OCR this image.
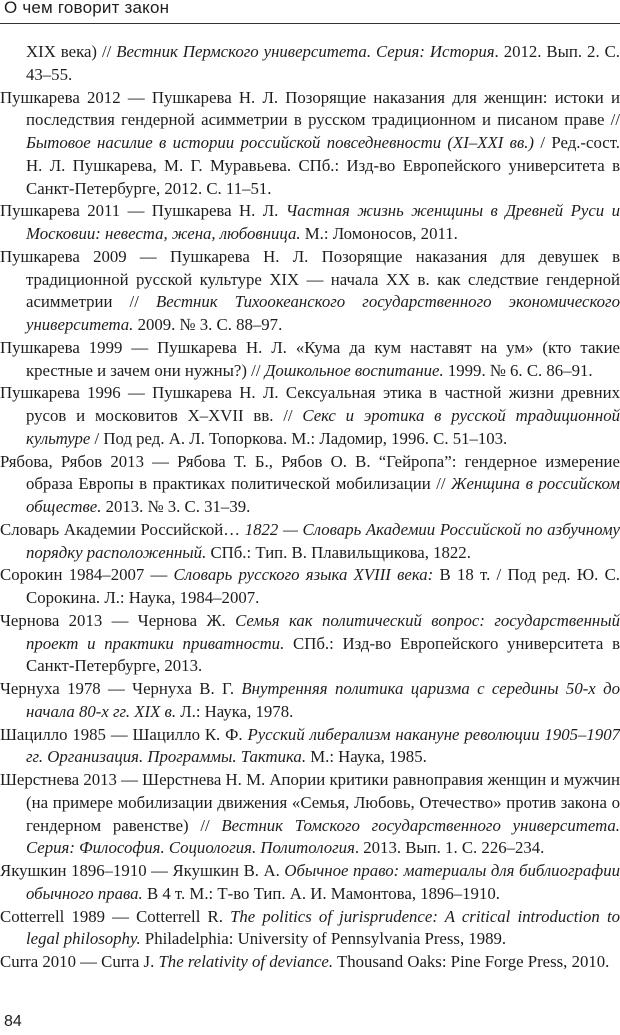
О чем говорит закон

XIX века) // Вестник Пермского университета. Серия: История. 2012. Вып. 2. С. 43–55.

Пушкарева 2012 — Пушкарева Н. Л. Позорящие наказания для женщин: истоки и последствия гендерной асимметрии в русском традиционном и писаном праве // Бытовое насилие в истории российской повседневности (XI–XXI вв.) / Ред.-сост. Н. Л. Пушкарева, М. Г. Муравьева. СПб.: Изд-во Европейского университета в Санкт-Петербурге, 2012. С. 11–51.

Пушкарева 2011 — Пушкарева Н. Л. Частная жизнь женщины в Древней Руси и Московии: невеста, жена, любовница. М.: Ломоносов, 2011.

Пушкарева 2009 — Пушкарева Н. Л. Позорящие наказания для девушек в традиционной русской культуре XIX — начала XX в. как следствие гендерной асимметрии // Вестник Тихоокеанского государственного экономического университета. 2009. № 3. С. 88–97.

Пушкарева 1999 — Пушкарева Н. Л. «Кума да кум наставят на ум» (кто такие крестные и зачем они нужны?) // Дошкольное воспитание. 1999. № 6. С. 86–91.

Пушкарева 1996 — Пушкарева Н. Л. Сексуальная этика в частной жизни древних русов и московитов X–XVII вв. // Секс и эротика в русской традиционной культуре / Под ред. А. Л. Топоркова. М.: Ладомир, 1996. С. 51–103.

Рябова, Рябов 2013 — Рябова Т. Б., Рябов О. В. “Гейропа”: гендерное измерение образа Европы в практиках политической мобилизации // Женщина в российском обществе. 2013. № 3. С. 31–39.

Словарь Академии Российской… 1822 — Словарь Академии Российской по азбучному порядку расположенный. СПб.: Тип. В. Плавильщикова, 1822.

Сорокин 1984–2007 — Словарь русского языка XVIII века: В 18 т. / Под ред. Ю. С. Сорокина. Л.: Наука, 1984–2007.

Чернова 2013 — Чернова Ж. Семья как политический вопрос: государственный проект и практики приватности. СПб.: Изд-во Европейского университета в Санкт-Петербурге, 2013.

Чернуха 1978 — Чернуха В. Г. Внутренняя политика царизма с середины 50-х до начала 80-х гг. XIX в. Л.: Наука, 1978.

Шацилло 1985 — Шацилло К. Ф. Русский либерализм накануне революции 1905–1907 гг. Организация. Программы. Тактика. М.: Наука, 1985.

Шерстнева 2013 — Шерстнева Н. М. Апории критики равноправия женщин и мужчин (на примере мобилизации движения «Семья, Любовь, Отечество» против закона о гендерном равенстве) // Вестник Томского государственного университета. Серия: Философия. Социология. Политология. 2013. Вып. 1. С. 226–234.

Якушкин 1896–1910 — Якушкин В. А. Обычное право: материалы для библиографии обычного права. В 4 т. М.: Т-во Тип. А. И. Мамонтова, 1896–1910.

Cotterrell 1989 — Cotterrell R. The politics of jurisprudence: A critical introduction to legal philosophy. Philadelphia: University of Pennsylvania Press, 1989.

Curra 2010 — Curra J. The relativity of deviance. Thousand Oaks: Pine Forge Press, 2010.

84
